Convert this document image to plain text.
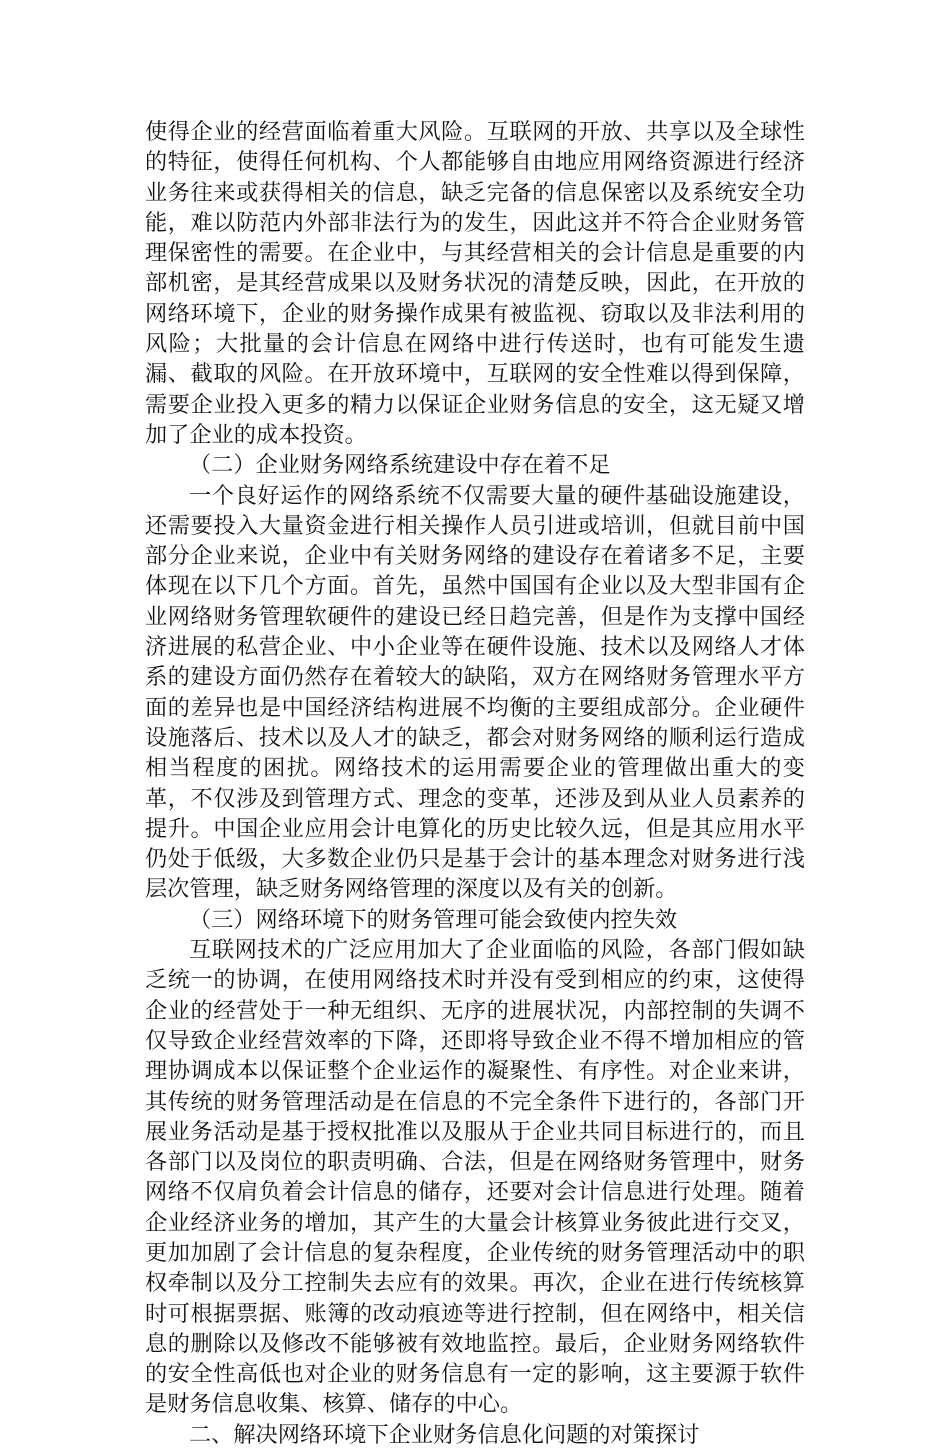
使得企业的经营面临着重大风险。互联网的开放、共享以及全球性的特征，使得任何机构、个人都能够自由地应用网络资源进行经济业务往来或获得相关的信息，缺乏完备的信息保密以及系统安全功能，难以防范内外部非法行为的发生，因此这并不符合企业财务管理保密性的需要。在企业中，与其经营相关的会计信息是重要的内部机密，是其经营成果以及财务状况的清楚反映，因此，在开放的网络环境下，企业的财务操作成果有被监视、窃取以及非法利用的风险；大批量的会计信息在网络中进行传送时，也有可能发生遗漏、截取的风险。在开放环境中，互联网的安全性难以得到保障，需要企业投入更多的精力以保证企业财务信息的安全，这无疑又增加了企业的成本投资。

（二）企业财务网络系统建设中存在着不足

一个良好运作的网络系统不仅需要大量的硬件基础设施建设，还需要投入大量资金进行相关操作人员引进或培训，但就目前中国部分企业来说，企业中有关财务网络的建设存在着诸多不足，主要体现在以下几个方面。首先，虽然中国国有企业以及大型非国有企业网络财务管理软硬件的建设已经日趋完善，但是作为支撑中国经济进展的私营企业、中小企业等在硬件设施、技术以及网络人才体系的建设方面仍然存在着较大的缺陷，双方在网络财务管理水平方面的差异也是中国经济结构进展不均衡的主要组成部分。企业硬件设施落后、技术以及人才的缺乏，都会对财务网络的顺利运行造成相当程度的困扰。网络技术的运用需要企业的管理做出重大的变革，不仅涉及到管理方式、理念的变革，还涉及到从业人员素养的提升。中国企业应用会计电算化的历史比较久远，但是其应用水平仍处于低级，大多数企业仍只是基于会计的基本理念对财务进行浅层次管理，缺乏财务网络管理的深度以及有关的创新。

（三）网络环境下的财务管理可能会致使内控失效

互联网技术的广泛应用加大了企业面临的风险，各部门假如缺乏统一的协调，在使用网络技术时并没有受到相应的约束，这使得企业的经营处于一种无组织、无序的进展状况，内部控制的失调不仅导致企业经营效率的下降，还即将导致企业不得不增加相应的管理协调成本以保证整个企业运作的凝聚性、有序性。对企业来讲，其传统的财务管理活动是在信息的不完全条件下进行的，各部门开展业务活动是基于授权批准以及服从于企业共同目标进行的，而且各部门以及岗位的职责明确、合法，但是在网络财务管理中，财务网络不仅肩负着会计信息的储存，还要对会计信息进行处理。随着企业经济业务的增加，其产生的大量会计核算业务彼此进行交叉，更加加剧了会计信息的复杂程度，企业传统的财务管理活动中的职权牵制以及分工控制失去应有的效果。再次，企业在进行传统核算时可根据票据、账簿的改动痕迹等进行控制，但在网络中，相关信息的删除以及修改不能够被有效地监控。最后，企业财务网络软件的安全性高低也对企业的财务信息有一定的影响，这主要源于软件是财务信息收集、核算、储存的中心。

二、解决网络环境下企业财务信息化问题的对策探讨
